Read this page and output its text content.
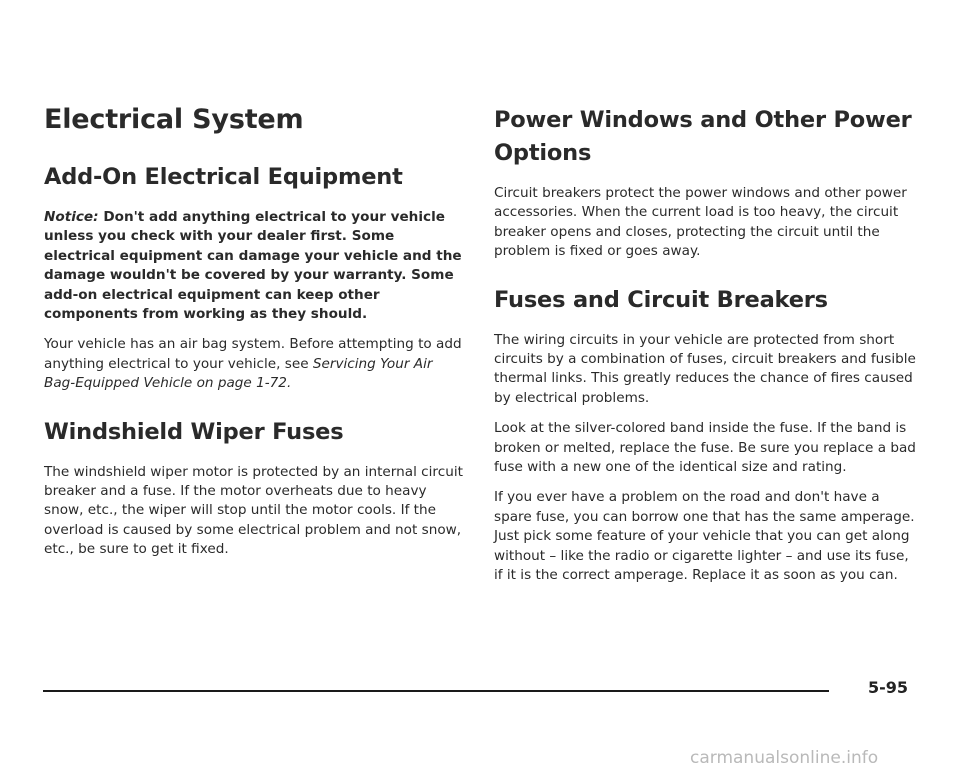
Electrical System
Add-On Electrical Equipment

Notice: Don't add anything electrical to your vehicle unless you check with your dealer first. Some electrical equipment can damage your vehicle and the damage wouldn't be covered by your warranty. Some add-on electrical equipment can keep other components from working as they should.

Your vehicle has an air bag system. Before attempting to add anything electrical to your vehicle, see Servicing Your Air Bag-Equipped Vehicle on page 1-72.

Windshield Wiper Fuses

The windshield wiper motor is protected by an internal circuit breaker and a fuse. If the motor overheats due to heavy snow, etc., the wiper will stop until the motor cools. If the overload is caused by some electrical problem and not snow, etc., be sure to get it fixed.

Power Windows and Other Power Options

Circuit breakers protect the power windows and other power accessories. When the current load is too heavy, the circuit breaker opens and closes, protecting the circuit until the problem is fixed or goes away.

Fuses and Circuit Breakers

The wiring circuits in your vehicle are protected from short circuits by a combination of fuses, circuit breakers and fusible thermal links. This greatly reduces the chance of fires caused by electrical problems.

Look at the silver-colored band inside the fuse. If the band is broken or melted, replace the fuse. Be sure you replace a bad fuse with a new one of the identical size and rating.

If you ever have a problem on the road and don't have a spare fuse, you can borrow one that has the same amperage. Just pick some feature of your vehicle that you can get along without – like the radio or cigarette lighter – and use its fuse, if it is the correct amperage. Replace it as soon as you can.

5-95
carmanualsonline.info
